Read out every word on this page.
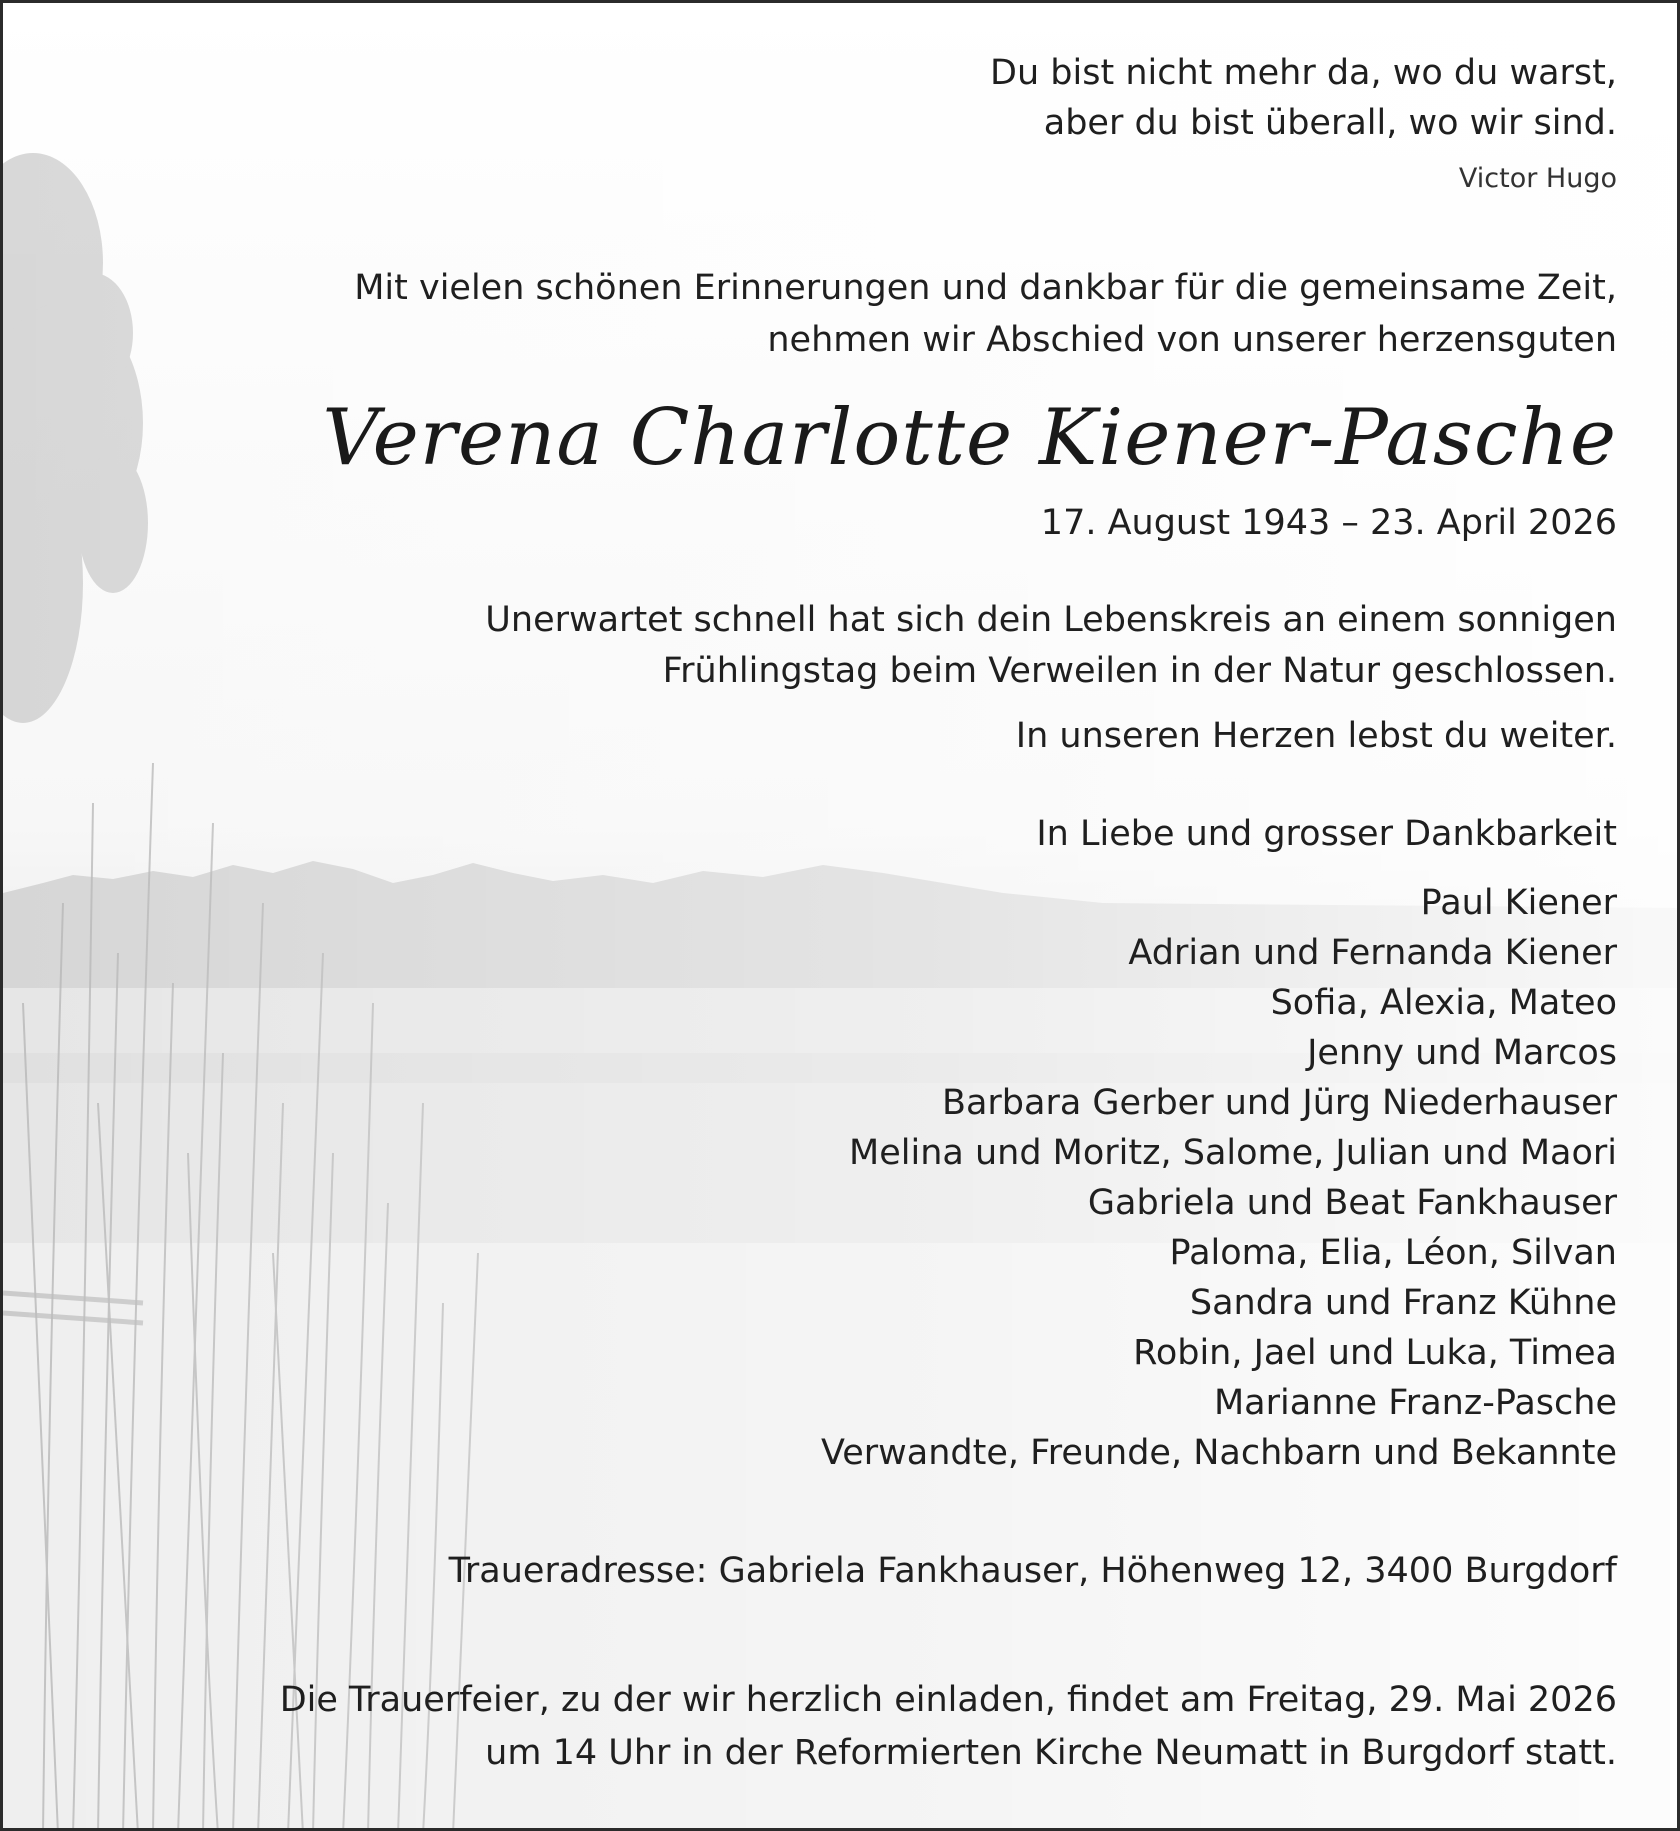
Du bist nicht mehr da, wo du warst,
aber du bist überall, wo wir sind.
Victor Hugo
Mit vielen schönen Erinnerungen und dankbar für die gemeinsame Zeit,
nehmen wir Abschied von unserer herzensguten
Verena Charlotte Kiener-Pasche
17. August 1943 – 23. April 2026
Unerwartet schnell hat sich dein Lebenskreis an einem sonnigen
Frühlingstag beim Verweilen in der Natur geschlossen.
In unseren Herzen lebst du weiter.
In Liebe und grosser Dankbarkeit
Paul Kiener
Adrian und Fernanda Kiener
Sofia, Alexia, Mateo
Jenny und Marcos
Barbara Gerber und Jürg Niederhauser
Melina und Moritz, Salome, Julian und Maori
Gabriela und Beat Fankhauser
Paloma, Elia, Léon, Silvan
Sandra und Franz Kühne
Robin, Jael und Luka, Timea
Marianne Franz-Pasche
Verwandte, Freunde, Nachbarn und Bekannte
Traueradresse: Gabriela Fankhauser, Höhenweg 12, 3400 Burgdorf
Die Trauerfeier, zu der wir herzlich einladen, findet am Freitag, 29. Mai 2026
um 14 Uhr in der Reformierten Kirche Neumatt in Burgdorf statt.
